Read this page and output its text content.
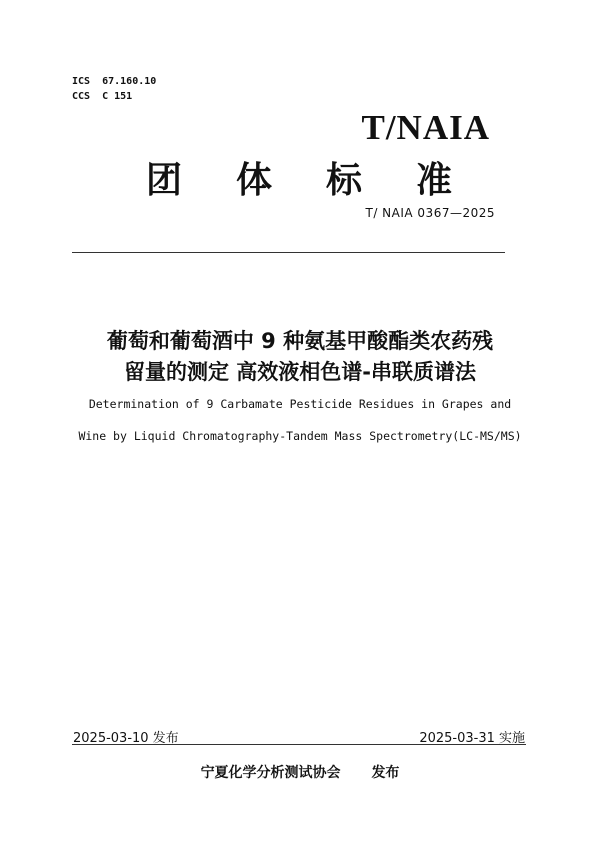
ICS 67.160.10
CCS C 151
T/NAIA
团体标准
T/ NAIA 0367—2025
葡萄和葡萄酒中 9 种氨基甲酸酯类农药残
留量的测定 高效液相色谱-串联质谱法
Determination of 9 Carbamate Pesticide Residues in Grapes and
Wine by Liquid Chromatography-Tandem Mass Spectrometry(LC-MS/MS)
2025-03-10 发布	2025-03-31 实施
宁夏化学分析测试协会 发布
